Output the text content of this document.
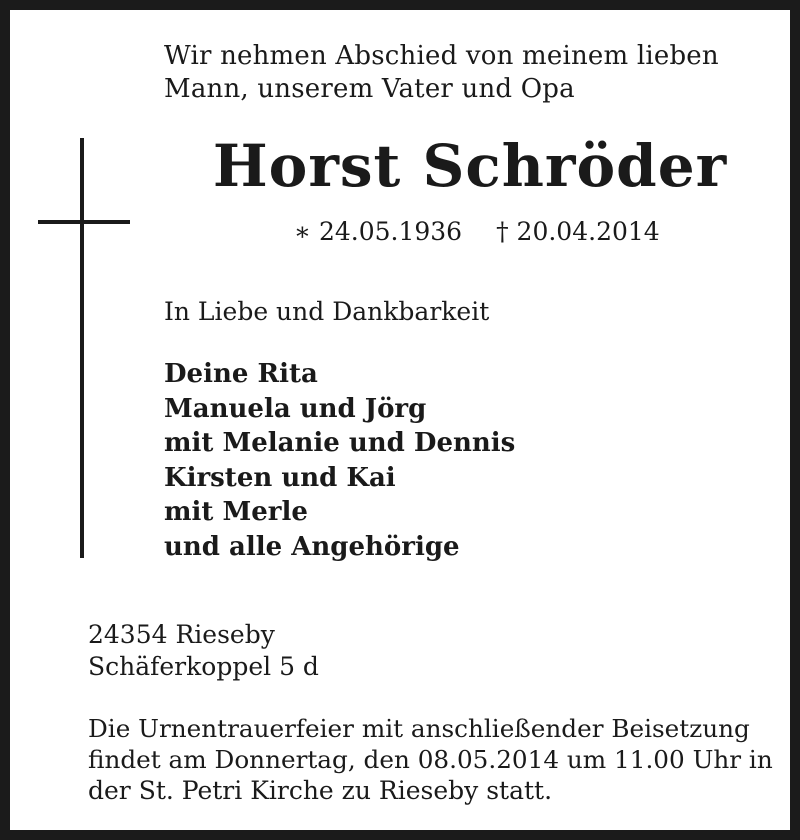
Wir nehmen Abschied von meinem lieben
Mann, unserem Vater und Opa
Horst Schröder
∗ 24.05.1936 † 20.04.2014
In Liebe und Dankbarkeit
Deine Rita
Manuela und Jörg
mit Melanie und Dennis
Kirsten und Kai
mit Merle
und alle Angehörige
24354 Rieseby
Schäferkoppel 5 d
Die Urnentrauerfeier mit anschließender Beisetzung
findet am Donnertag, den 08.05.2014 um 11.00 Uhr in
der St. Petri Kirche zu Rieseby statt.
